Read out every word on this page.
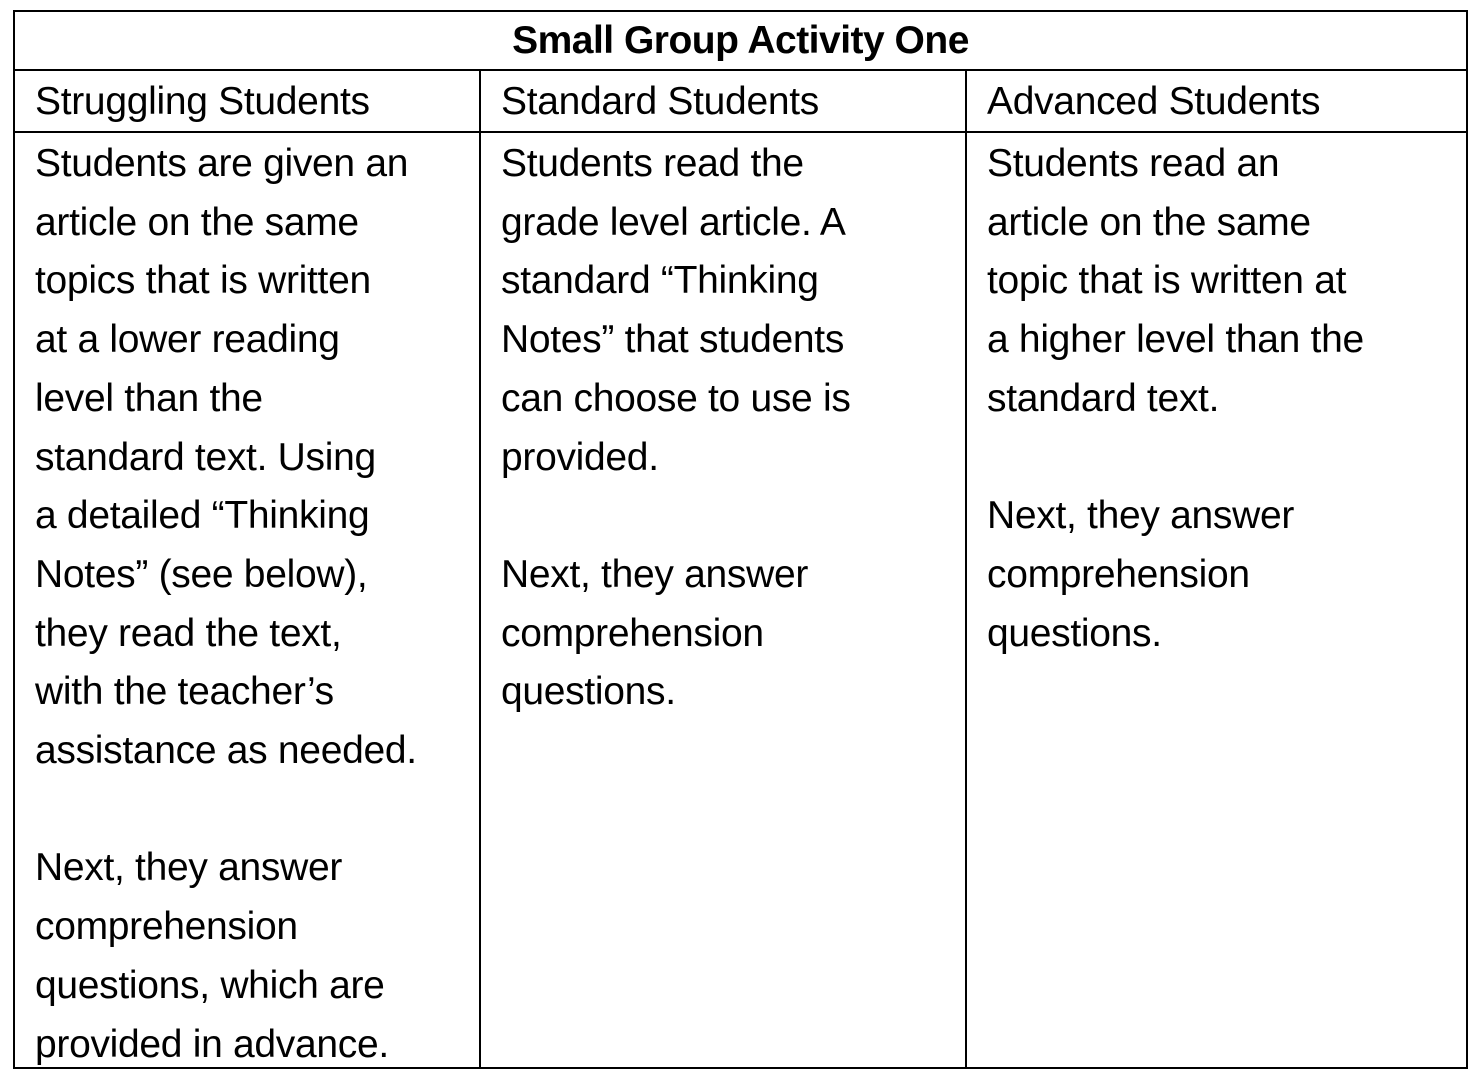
Small Group Activity One
Struggling Students	Standard Students	Advanced Students

Students are given an
article on the same
topics that is written
at a lower reading
level than the
standard text. Using
a detailed “Thinking
Notes” (see below),
they read the text,
with the teacher’s
assistance as needed.

Next, they answer
comprehension
questions, which are
provided in advance.

Students read the
grade level article. A
standard “Thinking
Notes” that students
can choose to use is
provided.

Next, they answer
comprehension
questions.

Students read an
article on the same
topic that is written at
a higher level than the
standard text.

Next, they answer
comprehension
questions.
